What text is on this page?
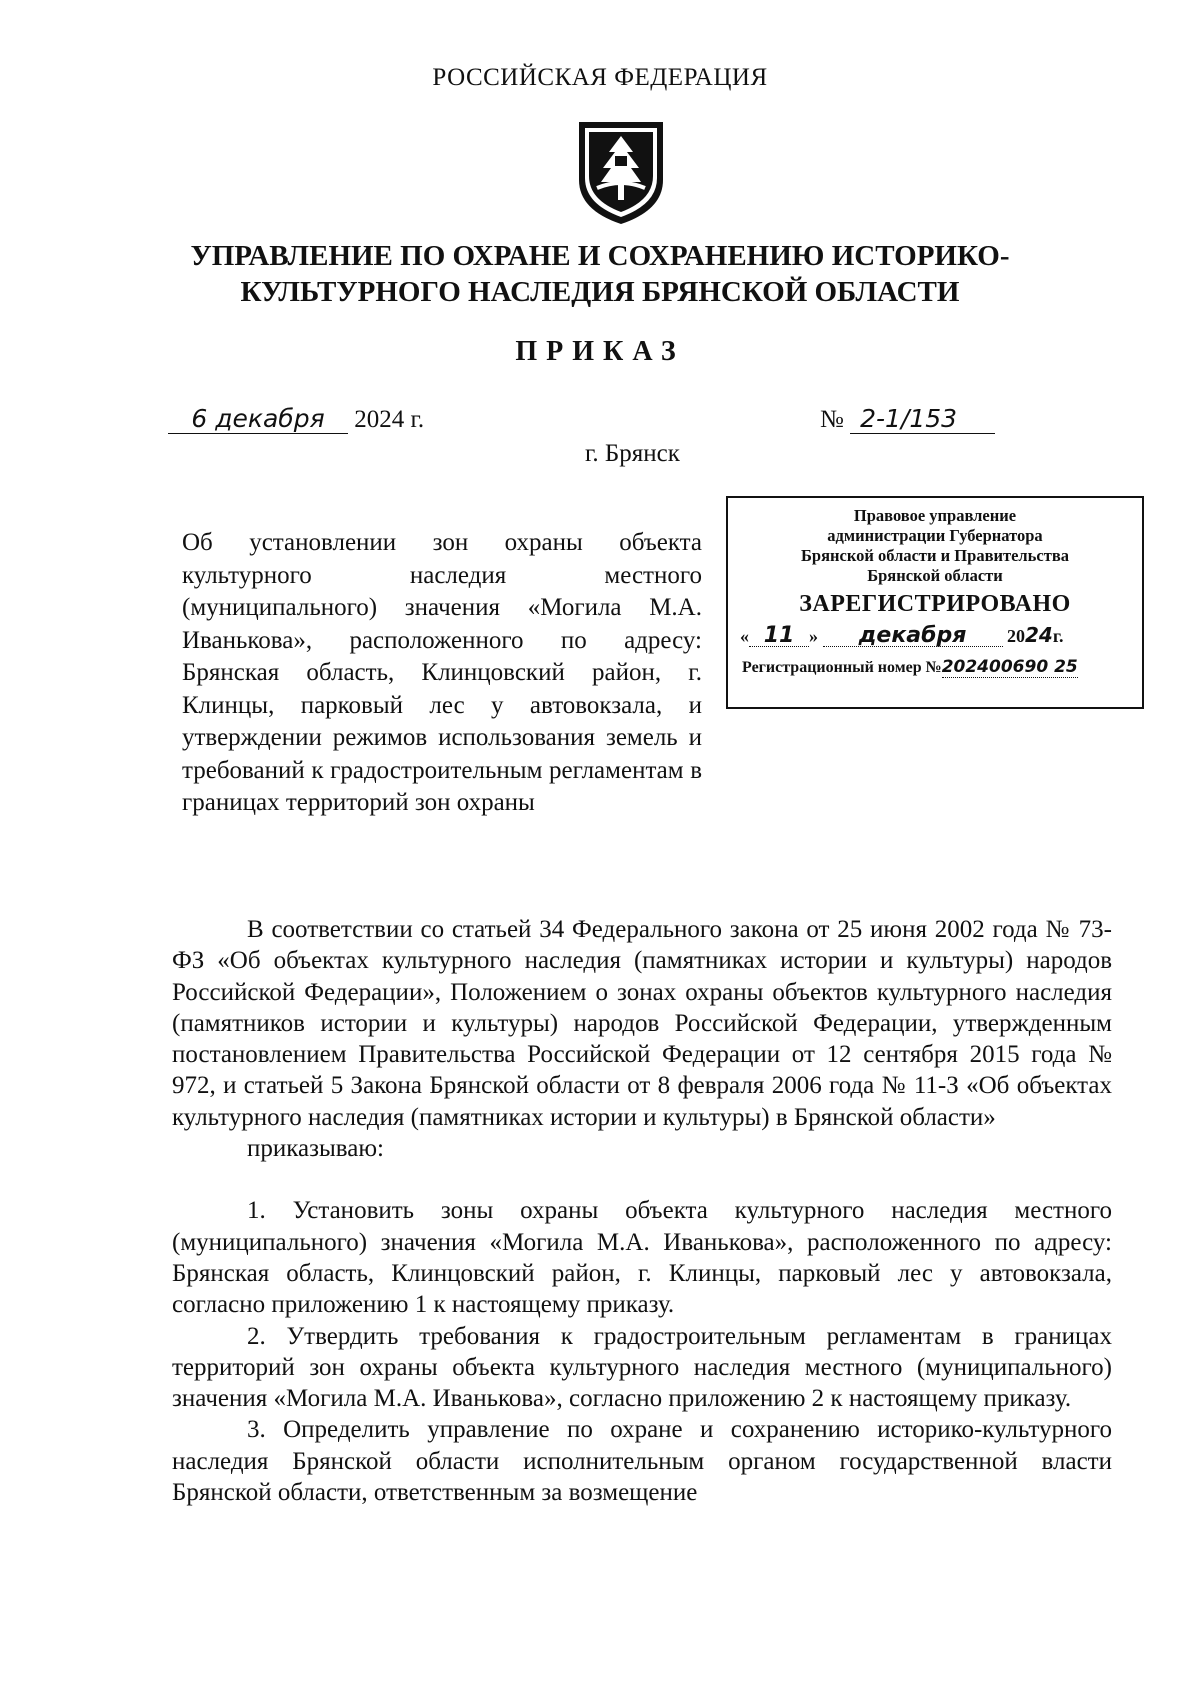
РОССИЙСКАЯ ФЕДЕРАЦИЯ
УПРАВЛЕНИЕ ПО ОХРАНЕ И СОХРАНЕНИЮ ИСТОРИКО-
КУЛЬТУРНОГО НАСЛЕДИЯ БРЯНСКОЙ ОБЛАСТИ
ПРИКАЗ
6 декабря 2024 г.	№ 2-1/153
г. Брянск
Об установлении зон охраны объекта культурного наследия местного (муниципального) значения «Могила М.А. Иванькова», расположенного по адресу: Брянская область, Клинцовский район, г. Клинцы, парковый лес у автовокзала, и утверждении режимов использования земель и требований к градостроительным регламентам в границах территорий зон охраны
Правовое управление
администрации Губернатора
Брянской области и Правительства
Брянской области
ЗАРЕГИСТРИРОВАНО
« 11 » декабря 2024г.
Регистрационный номер №202400690 25

В соответствии со статьей 34 Федерального закона от 25 июня 2002 года № 73-ФЗ «Об объектах культурного наследия (памятниках истории и культуры) народов Российской Федерации», Положением о зонах охраны объектов культурного наследия (памятников истории и культуры) народов Российской Федерации, утвержденным постановлением Правительства Российской Федерации от 12 сентября 2015 года № 972, и статьей 5 Закона Брянской области от 8 февраля 2006 года № 11-З «Об объектах культурного наследия (памятниках истории и культуры) в Брянской области»

приказываю:

1. Установить зоны охраны объекта культурного наследия местного (муниципального) значения «Могила М.А. Иванькова», расположенного по адресу: Брянская область, Клинцовский район, г. Клинцы, парковый лес у автовокзала, согласно приложению 1 к настоящему приказу.

2. Утвердить требования к градостроительным регламентам в границах территорий зон охраны объекта культурного наследия местного (муниципального) значения «Могила М.А. Иванькова», согласно приложению 2 к настоящему приказу.

3. Определить управление по охране и сохранению историко-культурного наследия Брянской области исполнительным органом государственной власти Брянской области, ответственным за возмещение
